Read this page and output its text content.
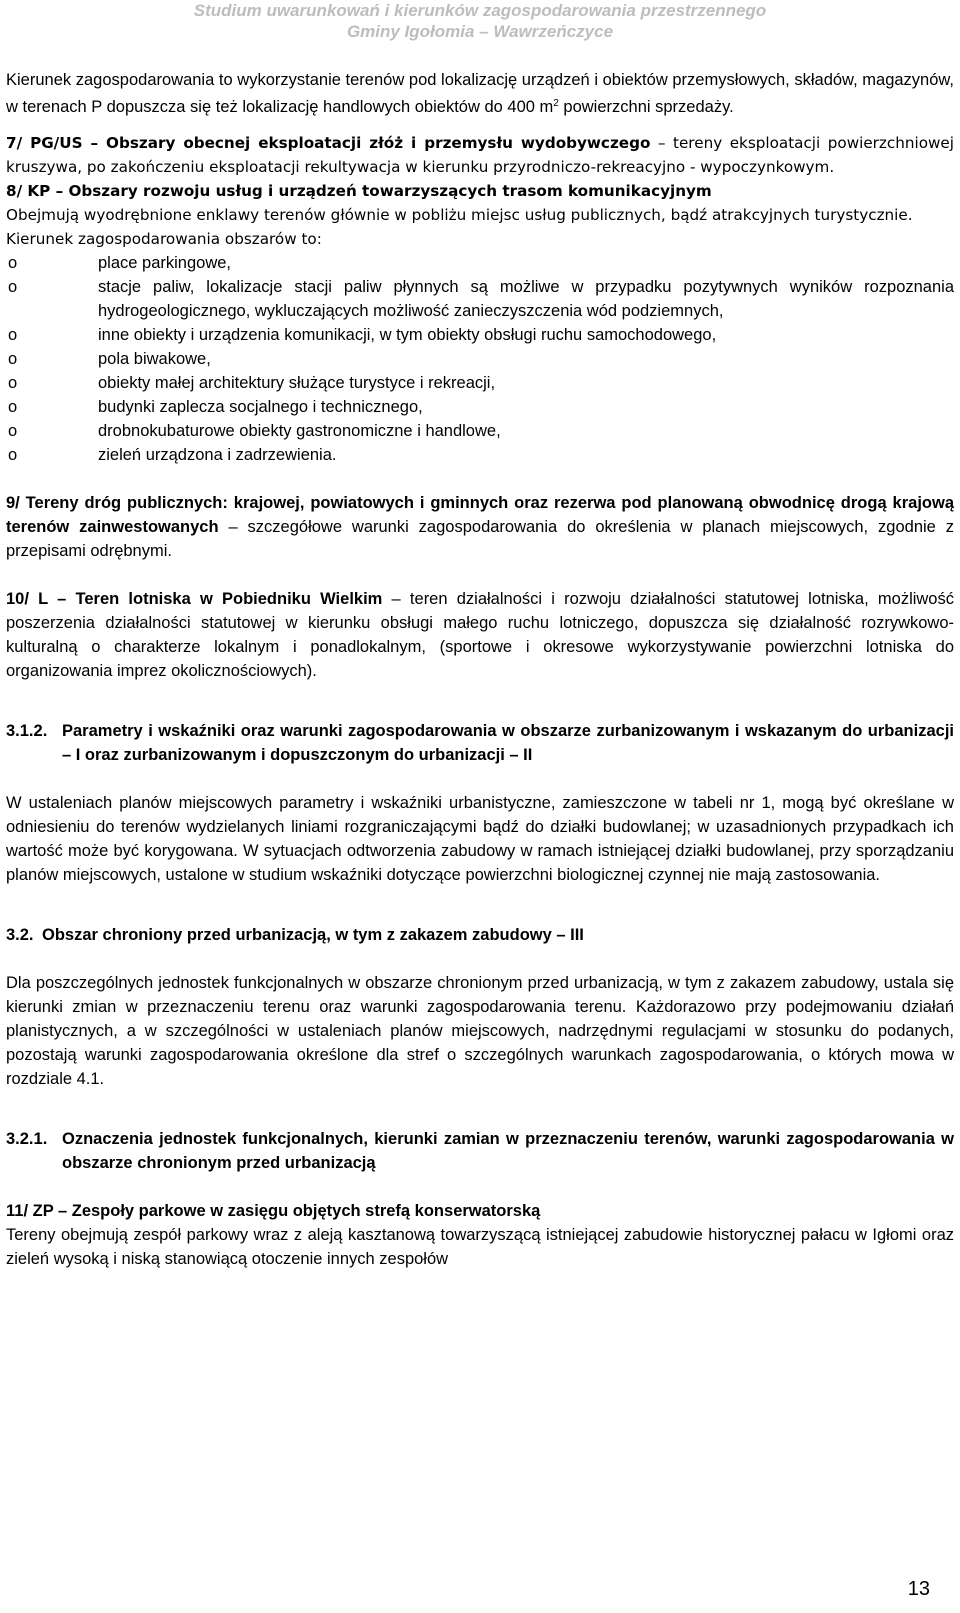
Studium uwarunkowań i kierunków zagospodarowania przestrzennego
Gminy Igołomia – Wawrzeńczyce

Kierunek zagospodarowania to wykorzystanie terenów pod lokalizację urządzeń i obiektów przemysłowych, składów, magazynów, w terenach P dopuszcza się też lokalizację handlowych obiektów do 400 $m^2$ powierzchni sprzedaży.

7/ PG/US – Obszary obecnej eksploatacji złóż i przemysłu wydobywczego – tereny eksploatacji powierzchniowej kruszywa, po zakończeniu eksploatacji rekultywacja w kierunku przyrodniczo-rekreacyjno - wypoczynkowym.

8/ KP – Obszary rozwoju usług i urządzeń towarzyszących trasom komunikacyjnym

Obejmują wyodrębnione enklawy terenów głównie w pobliżu miejsc usług publicznych, bądź atrakcyjnych turystycznie.

Kierunek zagospodarowania obszarów to:

o	place parkingowe,
o	stacje paliw, lokalizacje stacji paliw płynnych są możliwe w przypadku pozytywnych wyników rozpoznania hydrogeologicznego, wykluczających możliwość zanieczyszczenia wód podziemnych,
o	inne obiekty i urządzenia komunikacji, w tym obiekty obsługi ruchu samochodowego,
o	pola biwakowe,
o	obiekty małej architektury służące turystyce i rekreacji,
o	budynki zaplecza socjalnego i technicznego,
o	drobnokubaturowe obiekty gastronomiczne i handlowe,
o	zieleń urządzona i zadrzewienia.

9/ Tereny dróg publicznych: krajowej, powiatowych i gminnych oraz rezerwa pod planowaną obwodnicę drogą krajową terenów zainwestowanych – szczegółowe warunki zagospodarowania do określenia w planach miejscowych, zgodnie z przepisami odrębnymi.

10/ L – Teren lotniska w Pobiedniku Wielkim – teren działalności i rozwoju działalności statutowej lotniska, możliwość poszerzenia działalności statutowej w kierunku obsługi małego ruchu lotniczego, dopuszcza się działalność rozrywkowo-kulturalną o charakterze lokalnym i ponadlokalnym, (sportowe i okresowe wykorzystywanie powierzchni lotniska do organizowania imprez okolicznościowych).

3.1.2. Parametry i wskaźniki oraz warunki zagospodarowania w obszarze zurbanizowanym i wskazanym do urbanizacji – I oraz zurbanizowanym i dopuszczonym do urbanizacji – II

W ustaleniach planów miejscowych parametry i wskaźniki urbanistyczne, zamieszczone w tabeli nr 1, mogą być określane w odniesieniu do terenów wydzielanych liniami rozgraniczającymi bądź do działki budowlanej; w uzasadnionych przypadkach ich wartość może być korygowana. W sytuacjach odtworzenia zabudowy w ramach istniejącej działki budowlanej, przy sporządzaniu planów miejscowych, ustalone w studium wskaźniki dotyczące powierzchni biologicznej czynnej nie mają zastosowania.

3.2. Obszar chroniony przed urbanizacją, w tym z zakazem zabudowy – III

Dla poszczególnych jednostek funkcjonalnych w obszarze chronionym przed urbanizacją, w tym z zakazem zabudowy, ustala się kierunki zmian w przeznaczeniu terenu oraz warunki zagospodarowania terenu. Każdorazowo przy podejmowaniu działań planistycznych, a w szczególności w ustaleniach planów miejscowych, nadrzędnymi regulacjami w stosunku do podanych, pozostają warunki zagospodarowania określone dla stref o szczególnych warunkach zagospodarowania, o których mowa w rozdziale 4.1.

3.2.1. Oznaczenia jednostek funkcjonalnych, kierunki zamian w przeznaczeniu terenów, warunki zagospodarowania w obszarze chronionym przed urbanizacją

11/ ZP – Zespoły parkowe w zasięgu objętych strefą konserwatorską

Tereny obejmują zespół parkowy wraz z aleją kasztanową towarzyszącą istniejącej zabudowie historycznej pałacu w Igłomi oraz zieleń wysoką i niską stanowiącą otoczenie innych zespołów

13
